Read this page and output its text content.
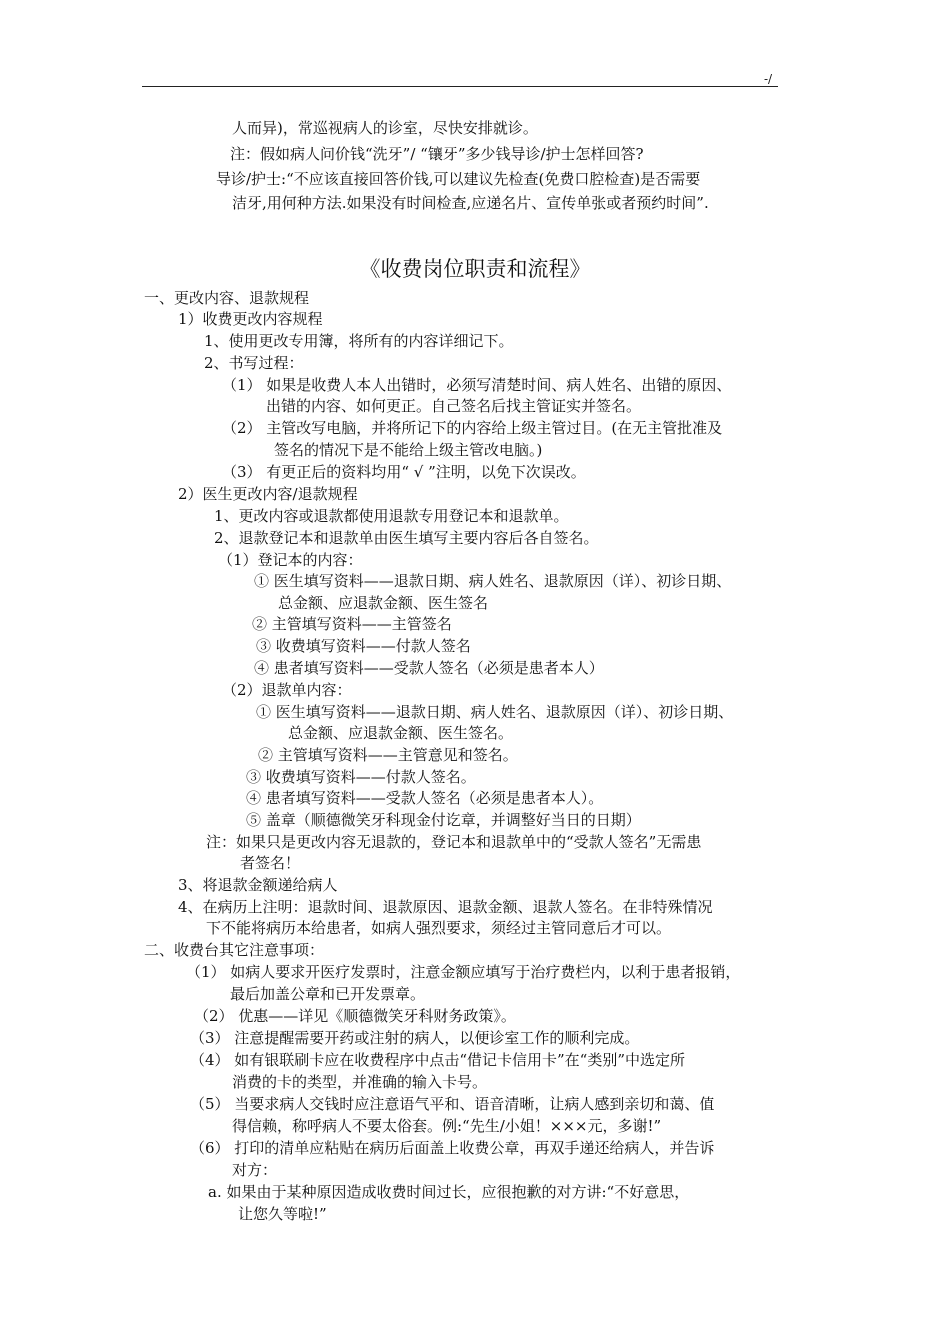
-/
人而异)，常巡视病人的诊室，尽快安排就诊。
注：假如病人问价钱“洗牙”/ “镶牙”多少钱导诊/护士怎样回答?
导诊/护士:“不应该直接回答价钱,可以建议先检查(免费口腔检查)是否需要
洁牙,用何种方法.如果没有时间检查,应递名片、宣传单张或者预约时间”.
《收费岗位职责和流程》
一、更改内容、退款规程
1）收费更改内容规程
1、使用更改专用簿，将所有的内容详细记下。
2、书写过程：
（1） 如果是收费人本人出错时，必须写清楚时间、病人姓名、出错的原因、
出错的内容、如何更正。自己签名后找主管证实并签名。
（2） 主管改写电脑，并将所记下的内容给上级主管过目。(在无主管批准及
签名的情况下是不能给上级主管改电脑。)
（3） 有更正后的资料均用“ √ ”注明，以免下次误改。
2）医生更改内容/退款规程
1、更改内容或退款都使用退款专用登记本和退款单。
2、退款登记本和退款单由医生填写主要内容后各自签名。
（1）登记本的内容：
① 医生填写资料——退款日期、病人姓名、退款原因（详）、初诊日期、
总金额、应退款金额、医生签名
② 主管填写资料——主管签名
③ 收费填写资料——付款人签名
④ 患者填写资料——受款人签名（必须是患者本人）
（2）退款单内容：
① 医生填写资料——退款日期、病人姓名、退款原因（详）、初诊日期、
总金额、应退款金额、医生签名。
② 主管填写资料——主管意见和签名。
③ 收费填写资料——付款人签名。
④ 患者填写资料——受款人签名（必须是患者本人）。
⑤ 盖章（顺德微笑牙科现金付讫章，并调整好当日的日期）
注：如果只是更改内容无退款的，登记本和退款单中的“受款人签名”无需患
者签名！
3、将退款金额递给病人
4、在病历上注明：退款时间、退款原因、退款金额、退款人签名。在非特殊情况
下不能将病历本给患者，如病人强烈要求，须经过主管同意后才可以。
二、收费台其它注意事项：
（1） 如病人要求开医疗发票时，注意金额应填写于治疗费栏内，以利于患者报销，
最后加盖公章和已开发票章。
（2） 优惠——详见《顺德微笑牙科财务政策》。
（3） 注意提醒需要开药或注射的病人，以便诊室工作的顺利完成。
（4） 如有银联刷卡应在收费程序中点击“借记卡信用卡”在“类别”中选定所
消费的卡的类型，并准确的输入卡号。
（5） 当要求病人交钱时应注意语气平和、语音清晰，让病人感到亲切和蔼、值
得信赖，称呼病人不要太俗套。例:“先生/小姐！×××元，多谢!”
（6） 打印的清单应粘贴在病历后面盖上收费公章，再双手递还给病人，并告诉
对方：
a. 如果由于某种原因造成收费时间过长，应很抱歉的对方讲:“不好意思，
让您久等啦!”
